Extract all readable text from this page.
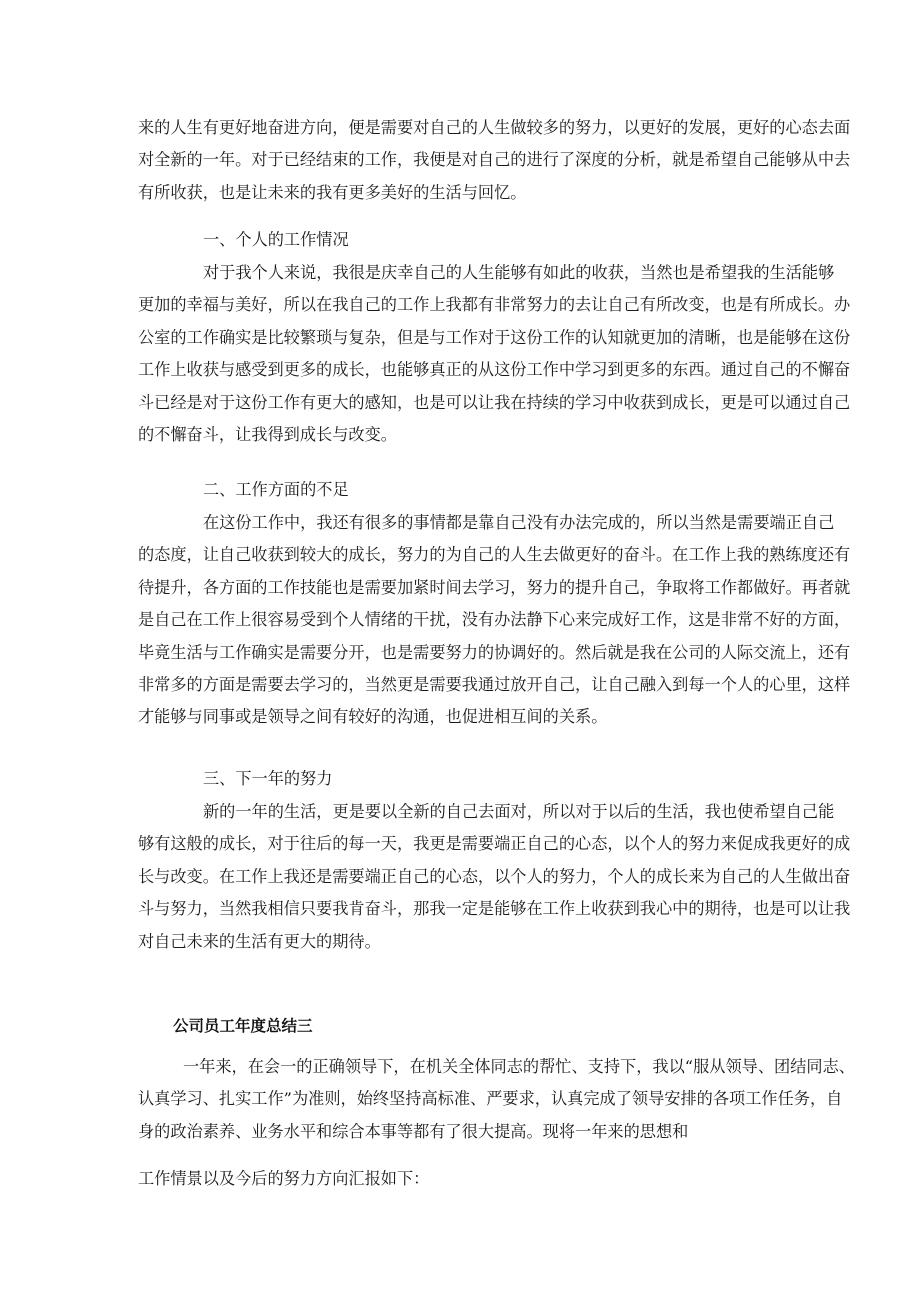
来的人生有更好地奋进方向，便是需要对自己的人生做较多的努力，以更好的发展，更好的心态去面
对全新的一年。对于已经结束的工作，我便是对自己的进行了深度的分析，就是希望自己能够从中去
有所收获，也是让未来的我有更多美好的生活与回忆。

一、个人的工作情况

对于我个人来说，我很是庆幸自己的人生能够有如此的收获，当然也是希望我的生活能够
更加的幸福与美好，所以在我自己的工作上我都有非常努力的去让自己有所改变，也是有所成长。办
公室的工作确实是比较繁琐与复杂，但是与工作对于这份工作的认知就更加的清晰，也是能够在这份
工作上收获与感受到更多的成长，也能够真正的从这份工作中学习到更多的东西。通过自己的不懈奋
斗已经是对于这份工作有更大的感知，也是可以让我在持续的学习中收获到成长，更是可以通过自己
的不懈奋斗，让我得到成长与改变。

二、工作方面的不足

在这份工作中，我还有很多的事情都是靠自己没有办法完成的，所以当然是需要端正自己
的态度，让自己收获到较大的成长，努力的为自己的人生去做更好的奋斗。在工作上我的熟练度还有
待提升，各方面的工作技能也是需要加紧时间去学习，努力的提升自己，争取将工作都做好。再者就
是自己在工作上很容易受到个人情绪的干扰，没有办法静下心来完成好工作，这是非常不好的方面，
毕竟生活与工作确实是需要分开，也是需要努力的协调好的。然后就是我在公司的人际交流上，还有
非常多的方面是需要去学习的，当然更是需要我通过放开自己，让自己融入到每一个人的心里，这样
才能够与同事或是领导之间有较好的沟通，也促进相互间的关系。

三、下一年的努力

新的一年的生活，更是要以全新的自己去面对，所以对于以后的生活，我也使希望自己能
够有这般的成长，对于往后的每一天，我更是需要端正自己的心态，以个人的努力来促成我更好的成
长与改变。在工作上我还是需要端正自己的心态，以个人的努力，个人的成长来为自己的人生做出奋
斗与努力，当然我相信只要我肯奋斗，那我一定是能够在工作上收获到我心中的期待，也是可以让我
对自己未来的生活有更大的期待。

公司员工年度总结三

一年来，在会一的正确领导下，在机关全体同志的帮忙、支持下，我以“服从领导、团结同志、
认真学习、扎实工作”为准则，始终坚持高标准、严要求，认真完成了领导安排的各项工作任务，自
身的政治素养、业务水平和综合本事等都有了很大提高。现将一年来的思想和
工作情景以及今后的努力方向汇报如下：
